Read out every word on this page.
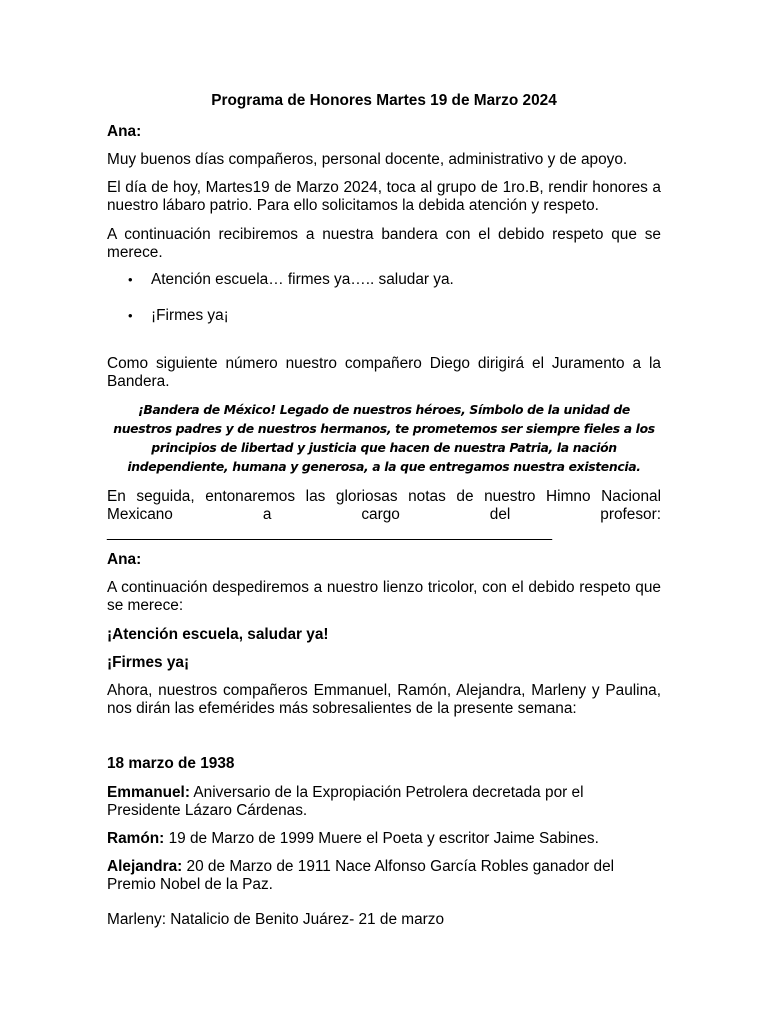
Programa de Honores Martes 19 de Marzo 2024

Ana:

Muy buenos días compañeros, personal docente, administrativo y de apoyo.

El día de hoy, Martes19 de Marzo 2024, toca al grupo de 1ro.B, rendir honores a nuestro lábaro patrio. Para ello solicitamos la debida atención y respeto.

A continuación recibiremos a nuestra bandera con el debido respeto que se merece.

• Atención escuela… firmes ya….. saludar ya.
• ¡Firmes ya¡

Como siguiente número nuestro compañero Diego dirigirá el Juramento a la Bandera.

¡Bandera de México! Legado de nuestros héroes, Símbolo de la unidad de nuestros padres y de nuestros hermanos, te prometemos ser siempre fieles a los principios de libertad y justicia que hacen de nuestra Patria, la nación independiente, humana y generosa, a la que entregamos nuestra existencia.

En seguida, entonaremos las gloriosas notas de nuestro Himno Nacional Mexicano a cargo del profesor:

____________________________________________________

Ana:

A continuación despediremos a nuestro lienzo tricolor, con el debido respeto que se merece:

¡Atención escuela, saludar ya!

¡Firmes ya¡

Ahora, nuestros compañeros Emmanuel, Ramón, Alejandra, Marleny y Paulina, nos dirán las efemérides más sobresalientes de la presente semana:

18 marzo de 1938

Emmanuel: Aniversario de la Expropiación Petrolera decretada por el Presidente Lázaro Cárdenas.

Ramón: 19 de Marzo de 1999 Muere el Poeta y escritor Jaime Sabines.

Alejandra: 20 de Marzo de 1911 Nace Alfonso García Robles ganador del Premio Nobel de la Paz.

Marleny: Natalicio de Benito Juárez- 21 de marzo
